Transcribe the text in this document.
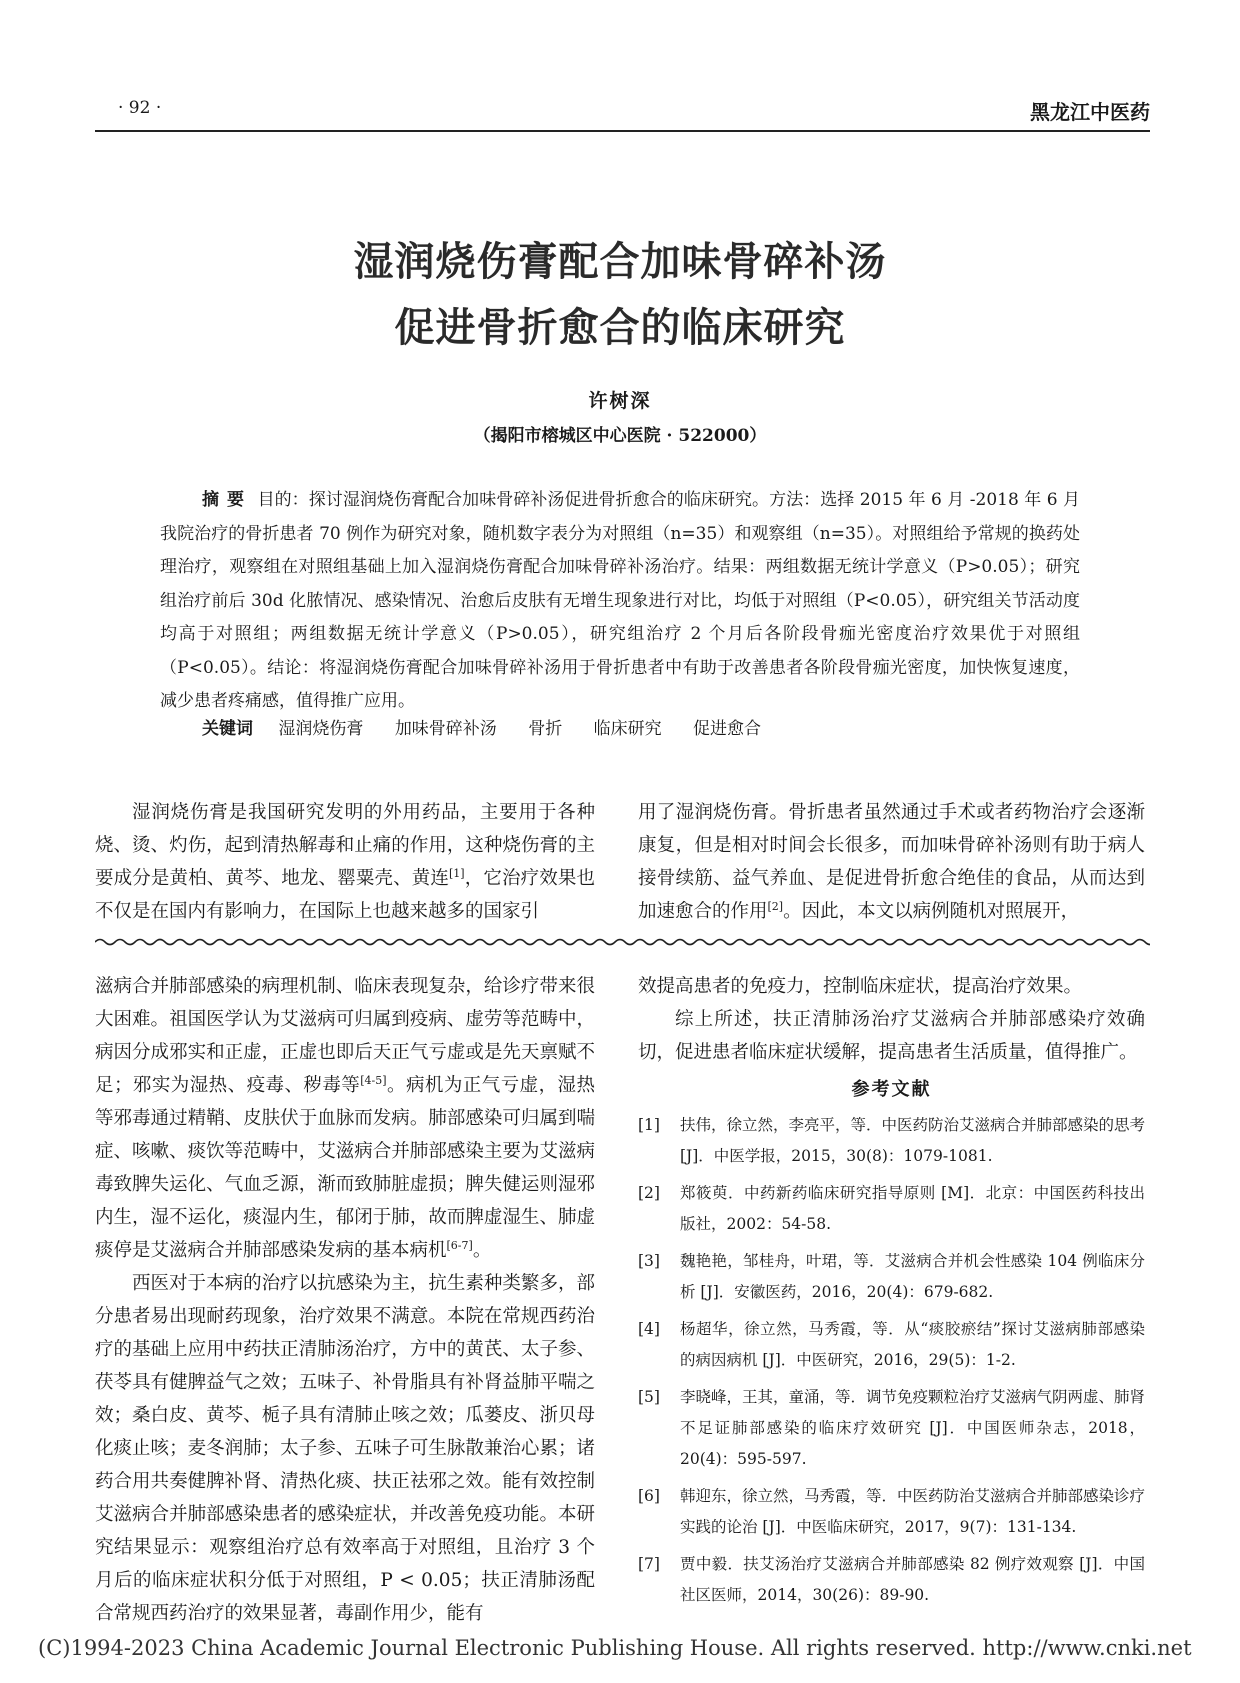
· 92 ·	黑龙江中医药
湿润烧伤膏配合加味骨碎补汤
促进骨折愈合的临床研究
许树深
（揭阳市榕城区中心医院 · 522000）
摘要 目的：探讨湿润烧伤膏配合加味骨碎补汤促进骨折愈合的临床研究。方法：选择 2015 年 6 月 -2018 年 6 月我院治疗的骨折患者 70 例作为研究对象，随机数字表分为对照组（n=35）和观察组（n=35）。对照组给予常规的换药处理治疗，观察组在对照组基础上加入湿润烧伤膏配合加味骨碎补汤治疗。结果：两组数据无统计学意义（P>0.05）；研究组治疗前后 30d 化脓情况、感染情况、治愈后皮肤有无增生现象进行对比，均低于对照组（P<0.05），研究组关节活动度均高于对照组；两组数据无统计学意义（P>0.05），研究组治疗 2 个月后各阶段骨痂光密度治疗效果优于对照组（P<0.05）。结论：将湿润烧伤膏配合加味骨碎补汤用于骨折患者中有助于改善患者各阶段骨痂光密度，加快恢复速度，减少患者疼痛感，值得推广应用。
关键词 湿润烧伤膏 加味骨碎补汤 骨折 临床研究 促进愈合

湿润烧伤膏是我国研究发明的外用药品，主要用于各种烧、烫、灼伤，起到清热解毒和止痛的作用，这种烧伤膏的主要成分是黄柏、黄芩、地龙、罂粟壳、黄连[1]，它治疗效果也不仅是在国内有影响力，在国际上也越来越多的国家引

用了湿润烧伤膏。骨折患者虽然通过手术或者药物治疗会逐渐康复，但是相对时间会长很多，而加味骨碎补汤则有助于病人接骨续筋、益气养血、是促进骨折愈合绝佳的食品，从而达到加速愈合的作用[2]。因此，本文以病例随机对照展开，

滋病合并肺部感染的病理机制、临床表现复杂，给诊疗带来很大困难。祖国医学认为艾滋病可归属到疫病、虚劳等范畴中，病因分成邪实和正虚，正虚也即后天正气亏虚或是先天禀赋不足；邪实为湿热、疫毒、秽毒等[4-5]。病机为正气亏虚，湿热等邪毒通过精鞘、皮肤伏于血脉而发病。肺部感染可归属到喘症、咳嗽、痰饮等范畴中，艾滋病合并肺部感染主要为艾滋病毒致脾失运化、气血乏源，渐而致肺脏虚损；脾失健运则湿邪内生，湿不运化，痰湿内生，郁闭于肺，故而脾虚湿生、肺虚痰停是艾滋病合并肺部感染发病的基本病机[6-7]。

西医对于本病的治疗以抗感染为主，抗生素种类繁多，部分患者易出现耐药现象，治疗效果不满意。本院在常规西药治疗的基础上应用中药扶正清肺汤治疗，方中的黄芪、太子参、茯苓具有健脾益气之效；五味子、补骨脂具有补肾益肺平喘之效；桑白皮、黄芩、栀子具有清肺止咳之效；瓜蒌皮、浙贝母化痰止咳；麦冬润肺；太子参、五味子可生脉散兼治心累；诸药合用共奏健脾补肾、清热化痰、扶正祛邪之效。能有效控制艾滋病合并肺部感染患者的感染症状，并改善免疫功能。本研究结果显示：观察组治疗总有效率高于对照组，且治疗 3 个月后的临床症状积分低于对照组，P < 0.05；扶正清肺汤配合常规西药治疗的效果显著，毒副作用少，能有

效提高患者的免疫力，控制临床症状，提高治疗效果。

综上所述，扶正清肺汤治疗艾滋病合并肺部感染疗效确切，促进患者临床症状缓解，提高患者生活质量，值得推广。

参考文献
[1]	扶伟，徐立然，李亮平，等．中医药防治艾滋病合并肺部感染的思考 [J]．中医学报，2015，30(8)：1079-1081.
[2]	郑筱萸．中药新药临床研究指导原则 [M]．北京：中国医药科技出版社，2002：54-58.
[3]	魏艳艳，邹桂舟，叶珺，等．艾滋病合并机会性感染 104 例临床分析 [J]．安徽医药，2016，20(4)：679-682.
[4]	杨超华，徐立然，马秀霞，等．从“痰胶瘀结”探讨艾滋病肺部感染的病因病机 [J]．中医研究，2016，29(5)：1-2.
[5]	李晓峰，王其，童涌，等．调节免疫颗粒治疗艾滋病气阴两虚、肺肾不足证肺部感染的临床疗效研究 [J]．中国医师杂志，2018，20(4)：595-597.
[6]	韩迎东，徐立然，马秀霞，等．中医药防治艾滋病合并肺部感染诊疗实践的论治 [J]．中医临床研究，2017，9(7)：131-134.
[7]	贾中毅．扶艾汤治疗艾滋病合并肺部感染 82 例疗效观察 [J]．中国社区医师，2014，30(26)：89-90.
(C)1994-2023 China Academic Journal Electronic Publishing House. All rights reserved. http://www.cnki.net
